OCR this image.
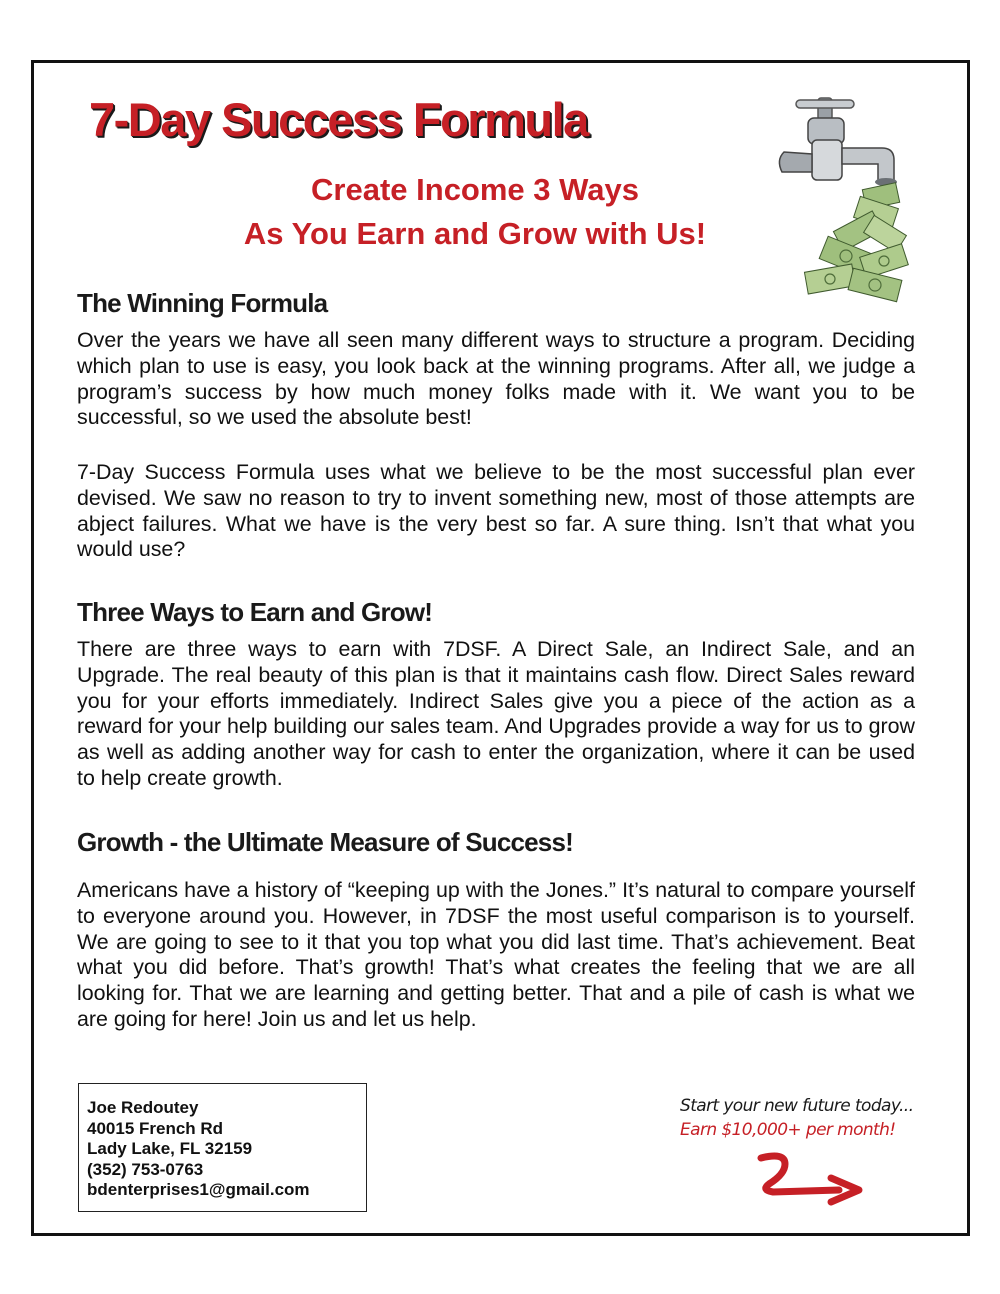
7-Day Success Formula
Create Income 3 Ways
As You Earn and Grow with Us!
The Winning Formula

Over the years we have all seen many different ways to structure a program. Deciding which plan to use is easy, you look back at the winning programs. After all, we judge a program’s success by how much money folks made with it. We want you to be successful, so we used the absolute best!

7-Day Success Formula uses what we believe to be the most successful plan ever devised. We saw no reason to try to invent something new, most of those attempts are abject failures. What we have is the very best so far. A sure thing. Isn’t that what you would use?

Three Ways to Earn and Grow!

There are three ways to earn with 7DSF. A Direct Sale, an Indirect Sale, and an Upgrade. The real beauty of this plan is that it maintains cash flow. Direct Sales reward you for your efforts immediately. Indirect Sales give you a piece of the action as a reward for your help building our sales team. And Upgrades provide a way for us to grow as well as adding another way for cash to enter the organization, where it can be used to help create growth.

Growth - the Ultimate Measure of Success!

Americans have a history of “keeping up with the Jones.” It’s natural to compare yourself to everyone around you. However, in 7DSF the most useful comparison is to yourself. We are going to see to it that you top what you did last time. That’s achievement. Beat what you did before. That’s growth! That’s what creates the feeling that we are all looking for. That we are learning and getting better. That and a pile of cash is what we are going for here! Join us and let us help.

Joe Redoutey
40015 French Rd
Lady Lake, FL 32159
(352) 753-0763
bdenterprises1@gmail.com
Start your new future today...
Earn $10,000+ per month!
